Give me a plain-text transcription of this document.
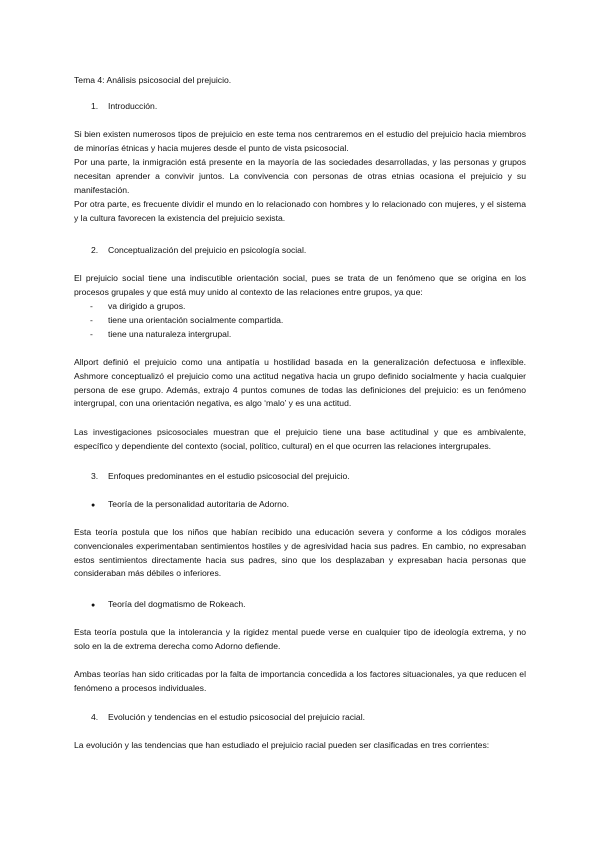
Tema 4: Análisis psicosocial del prejuicio.
1. Introducción.

Si bien existen numerosos tipos de prejuicio en este tema nos centraremos en el estudio del prejuicio hacia miembros de minorías étnicas y hacia mujeres desde el punto de vista psicosocial.

Por una parte, la inmigración está presente en la mayoría de las sociedades desarrolladas, y las personas y grupos necesitan aprender a convivir juntos. La convivencia con personas de otras etnias ocasiona el prejuicio y su manifestación.

Por otra parte, es frecuente dividir el mundo en lo relacionado con hombres y lo relacionado con mujeres, y el sistema y la cultura favorecen la existencia del prejuicio sexista.

2. Conceptualización del prejuicio en psicología social.

El prejuicio social tiene una indiscutible orientación social, pues se trata de un fenómeno que se origina en los procesos grupales y que está muy unido al contexto de las relaciones entre grupos, ya que:

- va dirigido a grupos.
- tiene una orientación socialmente compartida.
- tiene una naturaleza intergrupal.

Allport definió el prejuicio como una antipatía u hostilidad basada en la generalización defectuosa e inflexible. Ashmore conceptualizó el prejuicio como una actitud negativa hacia un grupo definido socialmente y hacia cualquier persona de ese grupo. Además, extrajo 4 puntos comunes de todas las definiciones del prejuicio: es un fenómeno intergrupal, con una orientación negativa, es algo ‘malo’ y es una actitud.

Las investigaciones psicosociales muestran que el prejuicio tiene una base actitudinal y que es ambivalente, específico y dependiente del contexto (social, político, cultural) en el que ocurren las relaciones intergrupales.

3. Enfoques predominantes en el estudio psicosocial del prejuicio.
● Teoría de la personalidad autoritaria de Adorno.

Esta teoría postula que los niños que habían recibido una educación severa y conforme a los códigos morales convencionales experimentaban sentimientos hostiles y de agresividad hacia sus padres. En cambio, no expresaban estos sentimientos directamente hacia sus padres, sino que los desplazaban y expresaban hacia personas que consideraban más débiles o inferiores.

● Teoría del dogmatismo de Rokeach.

Esta teoría postula que la intolerancia y la rigidez mental puede verse en cualquier tipo de ideología extrema, y no solo en la de extrema derecha como Adorno defiende.

Ambas teorías han sido criticadas por la falta de importancia concedida a los factores situacionales, ya que reducen el fenómeno a procesos individuales.

4. Evolución y tendencias en el estudio psicosocial del prejuicio racial.

La evolución y las tendencias que han estudiado el prejuicio racial pueden ser clasificadas en tres corrientes:
